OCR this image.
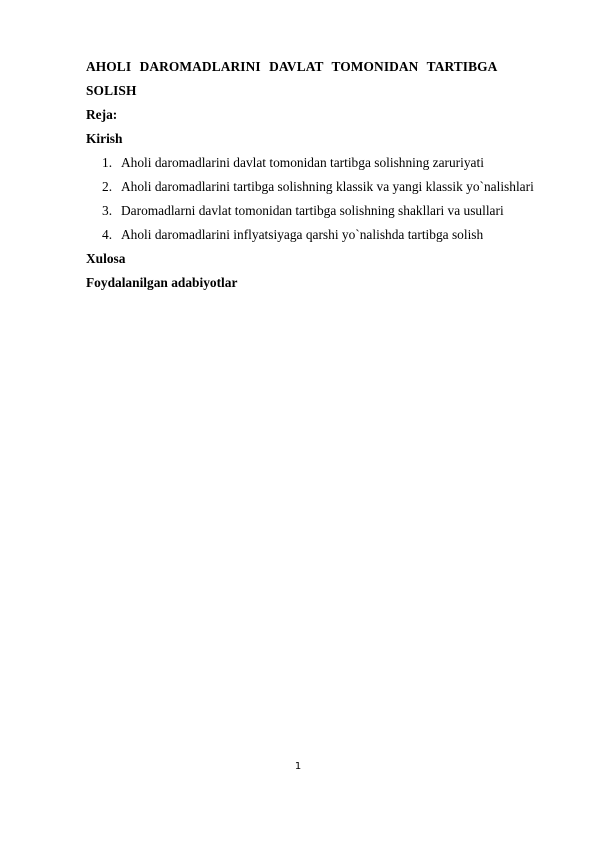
AHOLI DAROMADLARINI DAVLAT TOMONIDAN TARTIBGA

SOLISH

Reja:

Kirish

1. Aholi daromadlarini davlat tomonidan tartibga solishning zaruriyati
2. Aholi daromadlarini tartibga solishning klassik va yangi klassik yo`nalishlari
3. Daromadlarni davlat tomonidan tartibga solishning shakllari va usullari
4. Aholi daromadlarini inflyatsiyaga qarshi yo`nalishda tartibga solish

Xulosa

Foydalanilgan adabiyotlar

1
